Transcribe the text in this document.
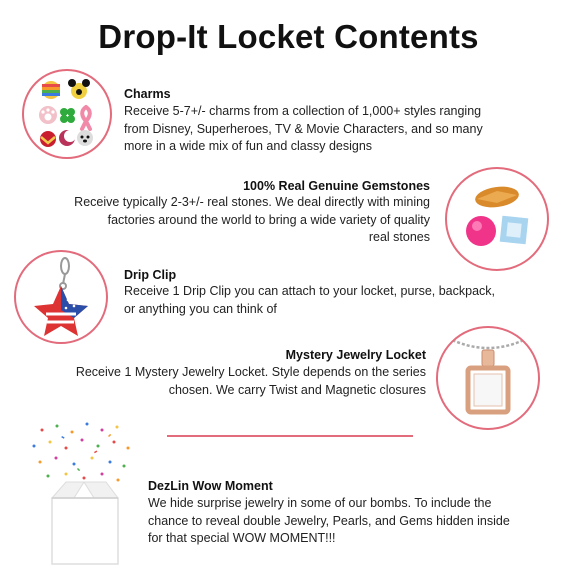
Drop-It Locket Contents
Charms
Receive 5-7+/- charms from a collection of 1,000+ styles ranging
from Disney, Superheroes, TV & Movie Characters, and so many
more in a wide mix of fun and classy designs
100% Real Genuine Gemstones
Receive typically 2-3+/- real stones. We deal directly with mining
factories around the world to bring a wide variety of quality
real stones
Drip Clip
Receive 1 Drip Clip you can attach to your locket, purse, backpack,
or anything you can think of
Mystery Jewelry Locket
Receive 1 Mystery Jewelry Locket. Style depends on the series
chosen. We carry Twist and Magnetic closures
DezLin Wow Moment
We hide surprise jewelry in some of our bombs. To include the
chance to reveal double Jewelry, Pearls, and Gems hidden inside
for that special WOW MOMENT!!!
